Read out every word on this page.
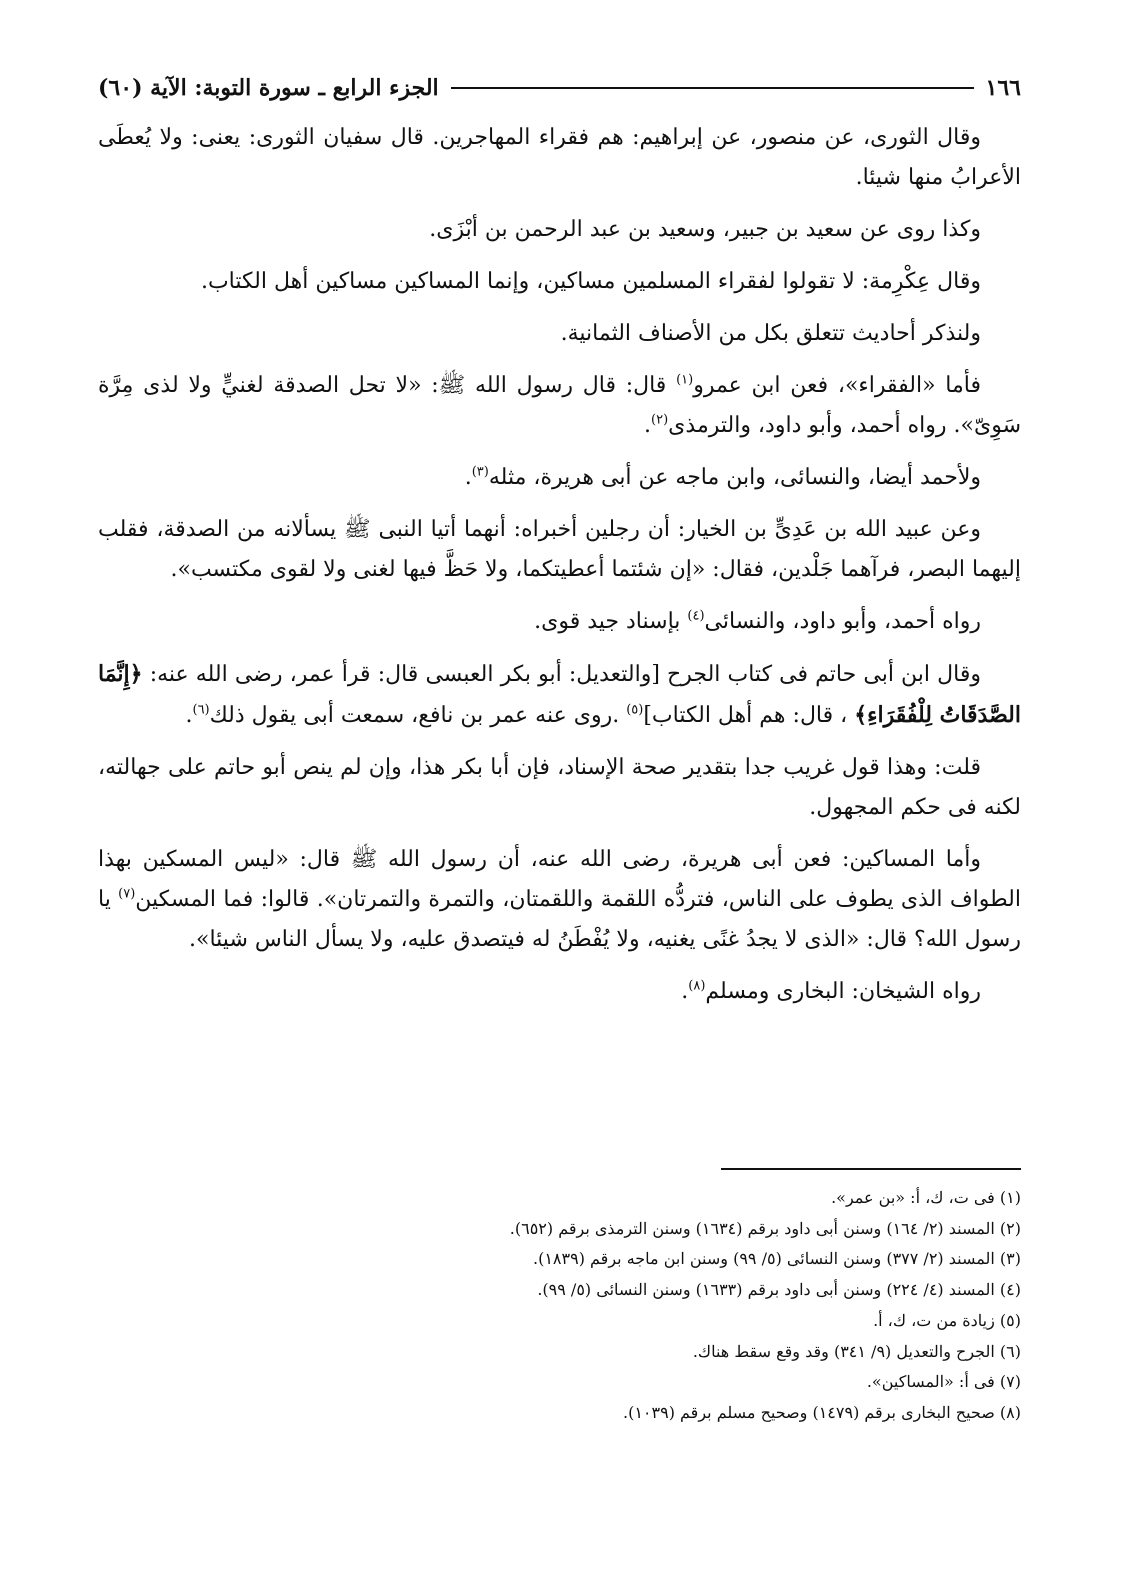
١٦٦
الجزء الرابع ـ سورة التوبة: الآية (٦٠)

وقال الثورى، عن منصور، عن إبراهيم: هم فقراء المهاجرين. قال سفيان الثورى: يعنى: ولا يُعطَى الأعرابُ منها شيئا.

وكذا روى عن سعيد بن جبير، وسعيد بن عبد الرحمن بن أبْزَى.

وقال عِكْرِمة: لا تقولوا لفقراء المسلمين مساكين، وإنما المساكين مساكين أهل الكتاب.

ولنذكر أحاديث تتعلق بكل من الأصناف الثمانية.

فأما «الفقراء»، فعن ابن عمرو$^{(١)}$ قال: قال رسول الله ﷺ: «لا تحل الصدقة لغنيٍّ ولا لذى مِرَّة سَوِىّ». رواه أحمد، وأبو داود، والترمذى$^{(٢)}$.

ولأحمد أيضا، والنسائى، وابن ماجه عن أبى هريرة، مثله$^{(٣)}$.

وعن عبيد الله بن عَدِىٍّ بن الخيار: أن رجلين أخبراه: أنهما أتيا النبى ﷺ يسألانه من الصدقة، فقلب إليهما البصر، فرآهما جَلْدين، فقال: «إن شئتما أعطيتكما، ولا حَظَّ فيها لغنى ولا لقوى مكتسب».

رواه أحمد، وأبو داود، والنسائى$^{(٤)}$ بإسناد جيد قوى.

وقال ابن أبى حاتم فى كتاب الجرح [والتعديل: أبو بكر العبسى قال: قرأ عمر، رضى الله عنه: ﴿إِنَّمَا الصَّدَقَاتُ لِلْفُقَرَاءِ﴾ ، قال: هم أهل الكتاب]$^{(٥)}$ .روى عنه عمر بن نافع، سمعت أبى يقول ذلك$^{(٦)}$.

قلت: وهذا قول غريب جدا بتقدير صحة الإسناد، فإن أبا بكر هذا، وإن لم ينص أبو حاتم على جهالته، لكنه فى حكم المجهول.

وأما المساكين: فعن أبى هريرة، رضى الله عنه، أن رسول الله ﷺ قال: «ليس المسكين بهذا الطواف الذى يطوف على الناس، فتردُّه اللقمة واللقمتان، والتمرة والتمرتان». قالوا: فما المسكين$^{(٧)}$ يا رسول الله؟ قال: «الذى لا يجدُ غنًى يغنيه، ولا يُفْطَنُ له فيتصدق عليه، ولا يسأل الناس شيئا».

رواه الشيخان: البخارى ومسلم$^{(٨)}$.

(١) فى ت، ك، أ: «بن عمر».

(٢) المسند (٢/ ١٦٤) وسنن أبى داود برقم (١٦٣٤) وسنن الترمذى برقم (٦٥٢).

(٣) المسند (٢/ ٣٧٧) وسنن النسائى (٥/ ٩٩) وسنن ابن ماجه برقم (١٨٣٩).

(٤) المسند (٤/ ٢٢٤) وسنن أبى داود برقم (١٦٣٣) وسنن النسائى (٥/ ٩٩).

(٥) زيادة من ت، ك، أ.

(٦) الجرح والتعديل (٩/ ٣٤١) وقد وقع سقط هناك.

(٧) فى أ: «المساكين».

(٨) صحيح البخارى برقم (١٤٧٩) وصحيح مسلم برقم (١٠٣٩).
